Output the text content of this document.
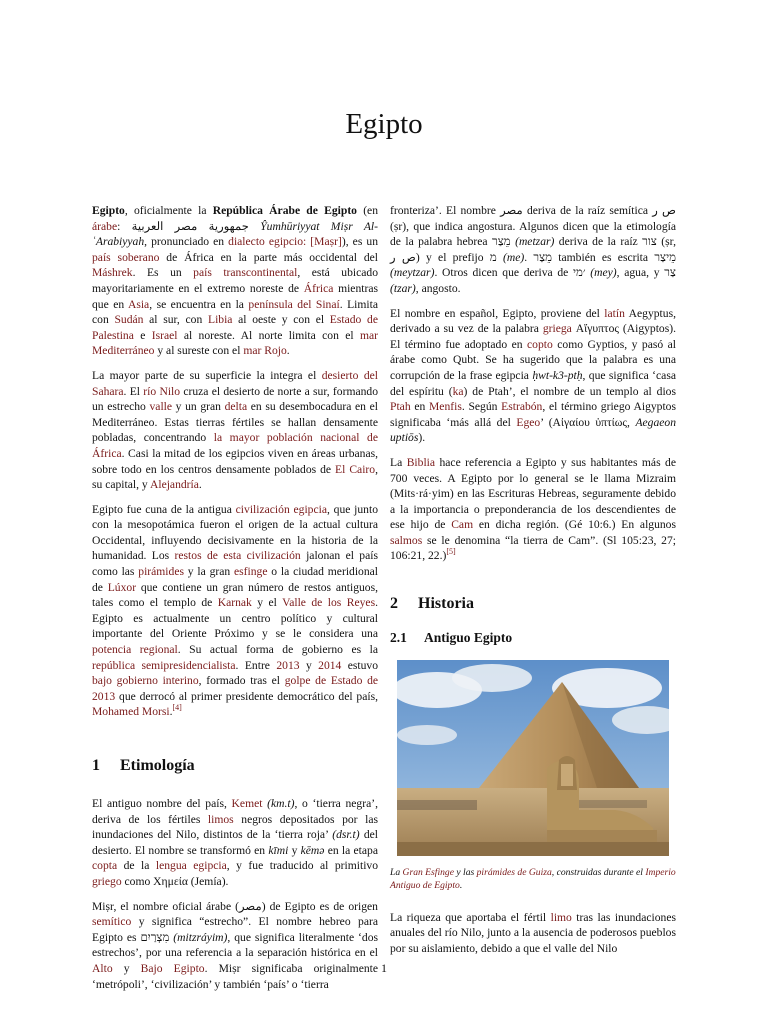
Egipto

Egipto, oficialmente la República Árabe de Egipto (en árabe: جمهورية مصر العربية Ŷumhūriyyat Miṣr Al-ʿArabiyyah, pronunciado en dialecto egipcio: [Maṣr]), es un país soberano de África en la parte más occidental del Máshrek. Es un país transcontinental, está ubicado mayoritariamente en el extremo noreste de África mientras que en Asia, se encuentra en la península del Sinaí. Limita con Sudán al sur, con Libia al oeste y con el Estado de Palestina e Israel al noreste. Al norte limita con el mar Mediterráneo y al sureste con el mar Rojo.

La mayor parte de su superficie la integra el desierto del Sahara. El río Nilo cruza el desierto de norte a sur, formando un estrecho valle y un gran delta en su desembocadura en el Mediterráneo. Estas tierras fértiles se hallan densamente pobladas, concentrando la mayor población nacional de África. Casi la mitad de los egipcios viven en áreas urbanas, sobre todo en los centros densamente poblados de El Cairo, su capital, y Alejandría.

Egipto fue cuna de la antigua civilización egipcia, que junto con la mesopotámica fueron el origen de la actual cultura Occidental, influyendo decisivamente en la historia de la humanidad. Los restos de esta civilización jalonan el país como las pirámides y la gran esfinge o la ciudad meridional de Lúxor que contiene un gran número de restos antiguos, tales como el templo de Karnak y el Valle de los Reyes. Egipto es actualmente un centro político y cultural importante del Oriente Próximo y se le considera una potencia regional. Su actual forma de gobierno es la república semipresidencialista. Entre 2013 y 2014 estuvo bajo gobierno interino, formado tras el golpe de Estado de 2013 que derrocó al primer presidente democrático del país, Mohamed Morsi.[4]

1 Etimología

El antiguo nombre del país, Kemet (km.t), o ‘tierra negra’, deriva de los fértiles limos negros depositados por las inundaciones del Nilo, distintos de la ‘tierra roja’ (dsr.t) del desierto. El nombre se transformó en kīmi y kēmə en la etapa copta de la lengua egipcia, y fue traducido al primitivo griego como Χημεία (Jemía).

Miṣr, el nombre oficial árabe (مصر) de Egipto es de origen semítico y significa “estrecho”. El nombre hebreo para Egipto es מִצְרַיִם (mitzráyim), que significa literalmente ‘dos estrechos’, por una referencia a la separación histórica en el Alto y Bajo Egipto. Miṣr significaba originalmente ‘metrópoli’, ‘civilización’ y también ‘país’ o ‘tierra

fronteriza’. El nombre مصر deriva de la raíz semítica ص ر (ṣr), que indica angostura. Algunos dicen que la etimología de la palabra hebrea מֵצַר (metzar) deriva de la raíz צור (ṣr, ص ر) y el prefijo מ (me). מֵצַר también es escrita מֵיצַר (meytzar). Otros dicen que deriva de ׳מי (mey), agua, y צַר (tzar), angosto.

El nombre en español, Egipto, proviene del latín Aegyptus, derivado a su vez de la palabra griega Αἴγυπτος (Aigyptos). El término fue adoptado en copto como Gyptios, y pasó al árabe como Qubt. Se ha sugerido que la palabra es una corrupción de la frase egipcia ḥwt-k3-ptḥ, que significa ‘casa del espíritu (ka) de Ptah’, el nombre de un templo al dios Ptah en Menfis. Según Estrabón, el término griego Aigyptos significaba ‘más allá del Egeo’ (Αἰγαίου ὑπτίως, Aegaeon uptiōs).

La Biblia hace referencia a Egipto y sus habitantes más de 700 veces. A Egipto por lo general se le llama Mizraim (Mits·rá·yim) en las Escrituras Hebreas, seguramente debido a la importancia o preponderancia de los descendientes de ese hijo de Cam en dicha región. (Gé 10:6.) En algunos salmos se le denomina “la tierra de Cam”. (Sl 105:23, 27; 106:21, 22.)[5]

2 Historia
2.1 Antiguo Egipto
La Gran Esfinge y las pirámides de Guiza, construidas durante el Imperio Antiguo de Egipto.

La riqueza que aportaba el fértil limo tras las inundaciones anuales del río Nilo, junto a la ausencia de poderosos pueblos por su aislamiento, debido a que el valle del Nilo

1
